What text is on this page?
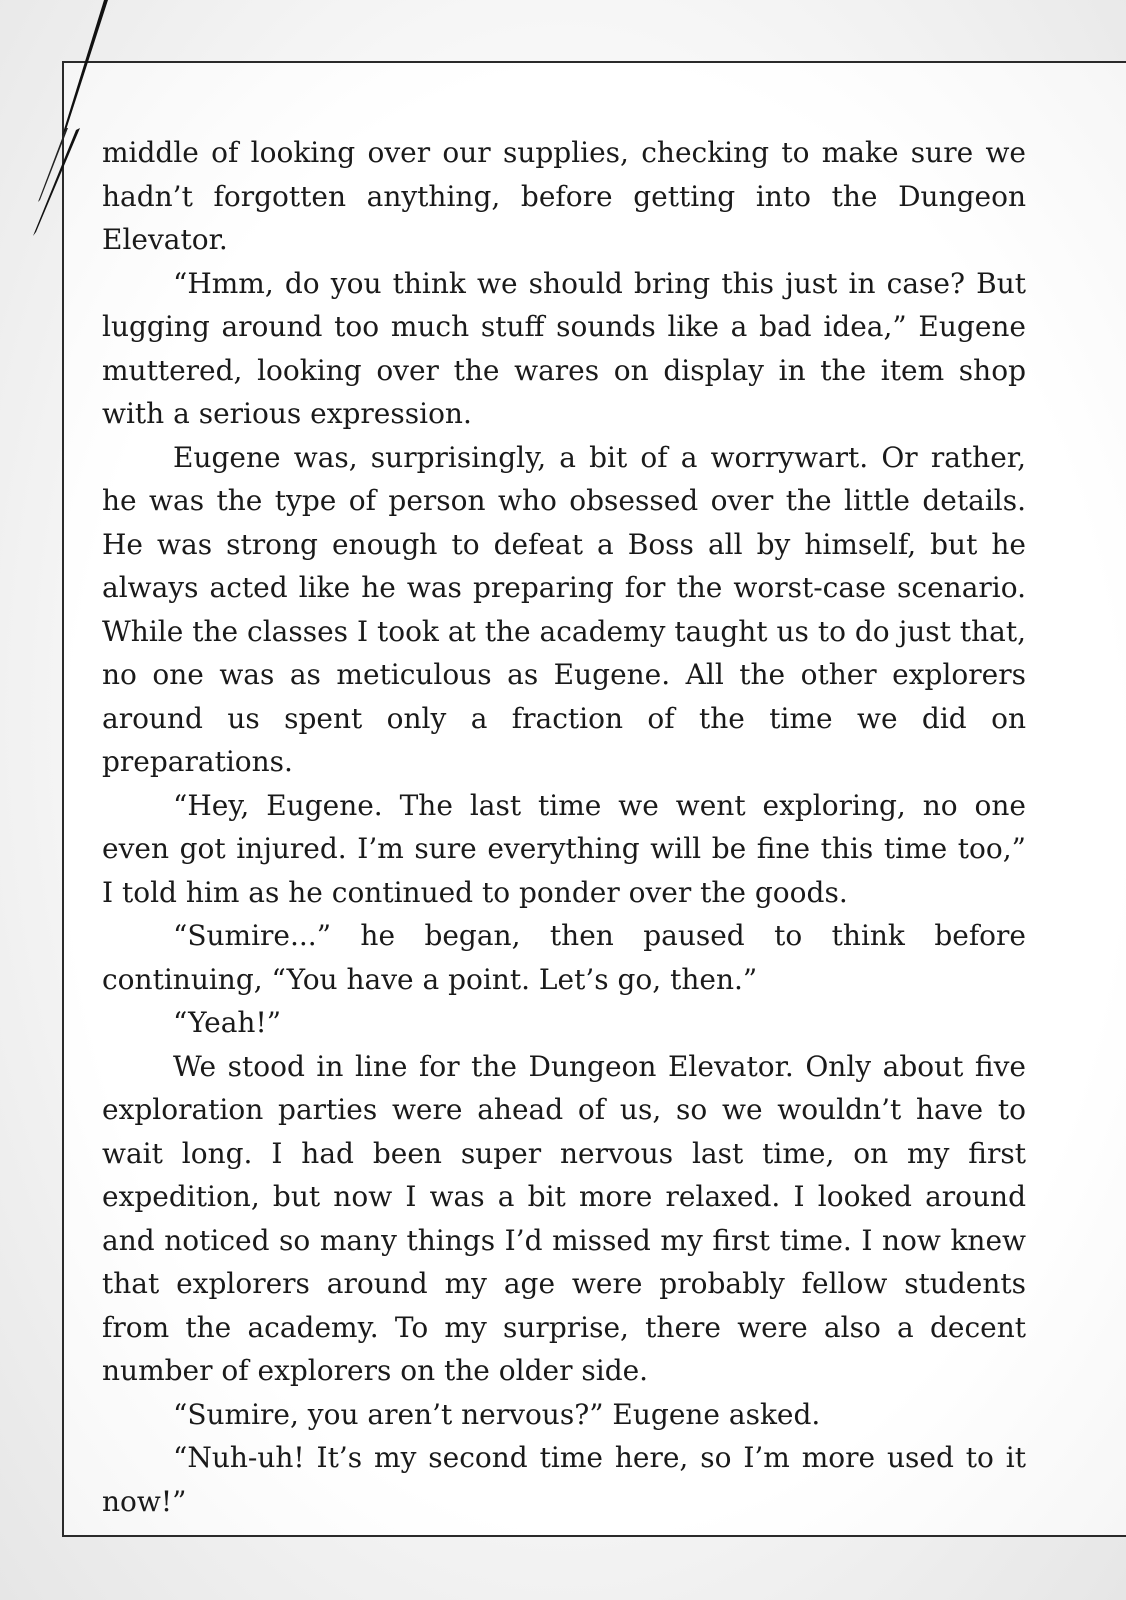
middle of looking over our supplies, checking to make sure we hadn’t forgotten anything, before getting into the Dungeon Elevator.

“Hmm, do you think we should bring this just in case? But lugging around too much stuff sounds like a bad idea,” Eugene muttered, looking over the wares on display in the item shop with a serious expression.

Eugene was, surprisingly, a bit of a worrywart. Or rather, he was the type of person who obsessed over the little details. He was strong enough to defeat a Boss all by himself, but he always acted like he was preparing for the worst-case scenario. While the classes I took at the academy taught us to do just that, no one was as meticulous as Eugene. All the other explorers around us spent only a fraction of the time we did on preparations.

“Hey, Eugene. The last time we went exploring, no one even got injured. I’m sure everything will be fine this time too,” I told him as he continued to ponder over the goods.

“Sumire...” he began, then paused to think before continuing, “You have a point. Let’s go, then.”

“Yeah!”

We stood in line for the Dungeon Elevator. Only about five exploration parties were ahead of us, so we wouldn’t have to wait long. I had been super nervous last time, on my first expedition, but now I was a bit more relaxed. I looked around and noticed so many things I’d missed my first time. I now knew that explorers around my age were probably fellow students from the academy. To my surprise, there were also a decent number of explorers on the older side.

“Sumire, you aren’t nervous?” Eugene asked.

“Nuh-uh! It’s my second time here, so I’m more used to it now!”
